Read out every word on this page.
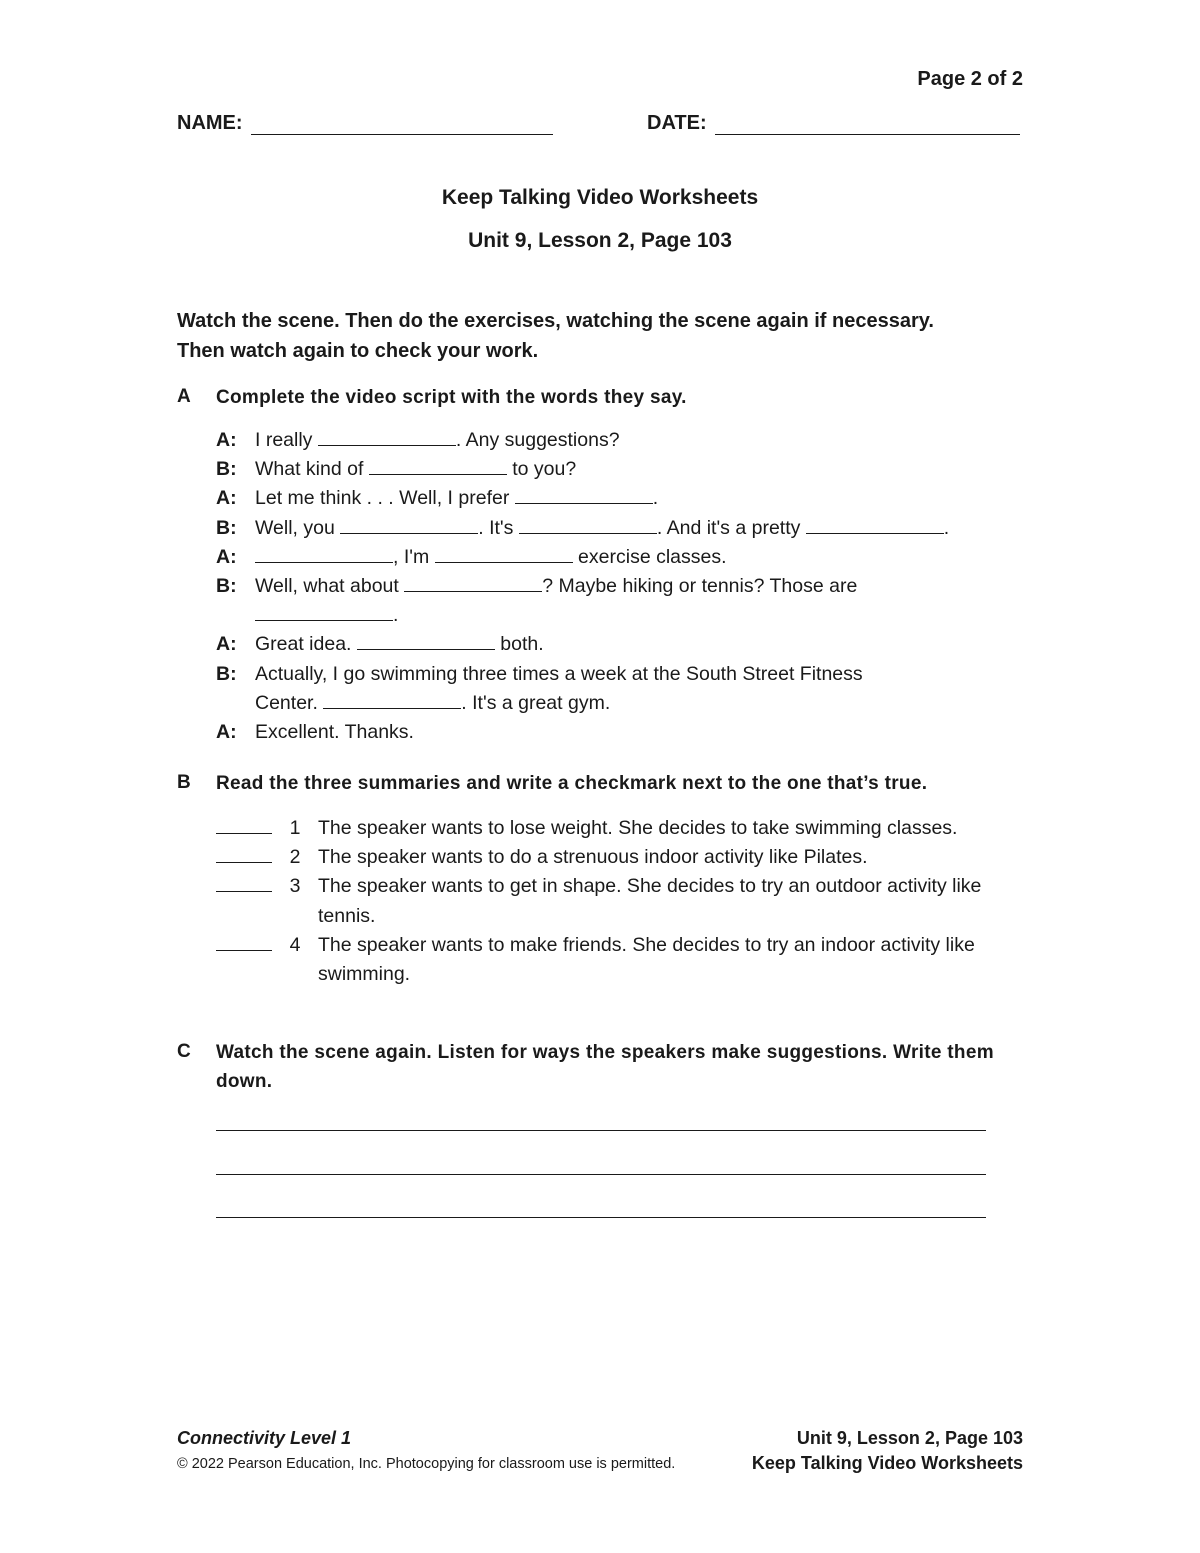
Page 2 of 2
NAME:	DATE:
Keep Talking Video Worksheets
Unit 9, Lesson 2, Page 103
Watch the scene. Then do the exercises, watching the scene again if necessary.
Then watch again to check your work.
A Complete the video script with the words they say.
A: I really	. Any suggestions?
B: What kind of	to you?
A: Let me think . . . Well, I prefer	.
B: Well, you	. It's	. And it's a pretty	.
A:	, I'm	exercise classes.
B: Well, what about	? Maybe hiking or tennis? Those are
.
A: Great idea.	both.
B: Actually, I go swimming three times a week at the South Street Fitness
Center.	. It's a great gym.
A: Excellent. Thanks.
B Read the three summaries and write a checkmark next to the one that’s true.
1 The speaker wants to lose weight. She decides to take swimming classes.
2 The speaker wants to do a strenuous indoor activity like Pilates.
3 The speaker wants to get in shape. She decides to try an outdoor activity like tennis.
4 The speaker wants to make friends. She decides to try an indoor activity like swimming.
C Watch the scene again. Listen for ways the speakers make suggestions. Write them down.
Connectivity Level 1	Unit 9, Lesson 2, Page 103
© 2022 Pearson Education, Inc. Photocopying for classroom use is permitted.	Keep Talking Video Worksheets
